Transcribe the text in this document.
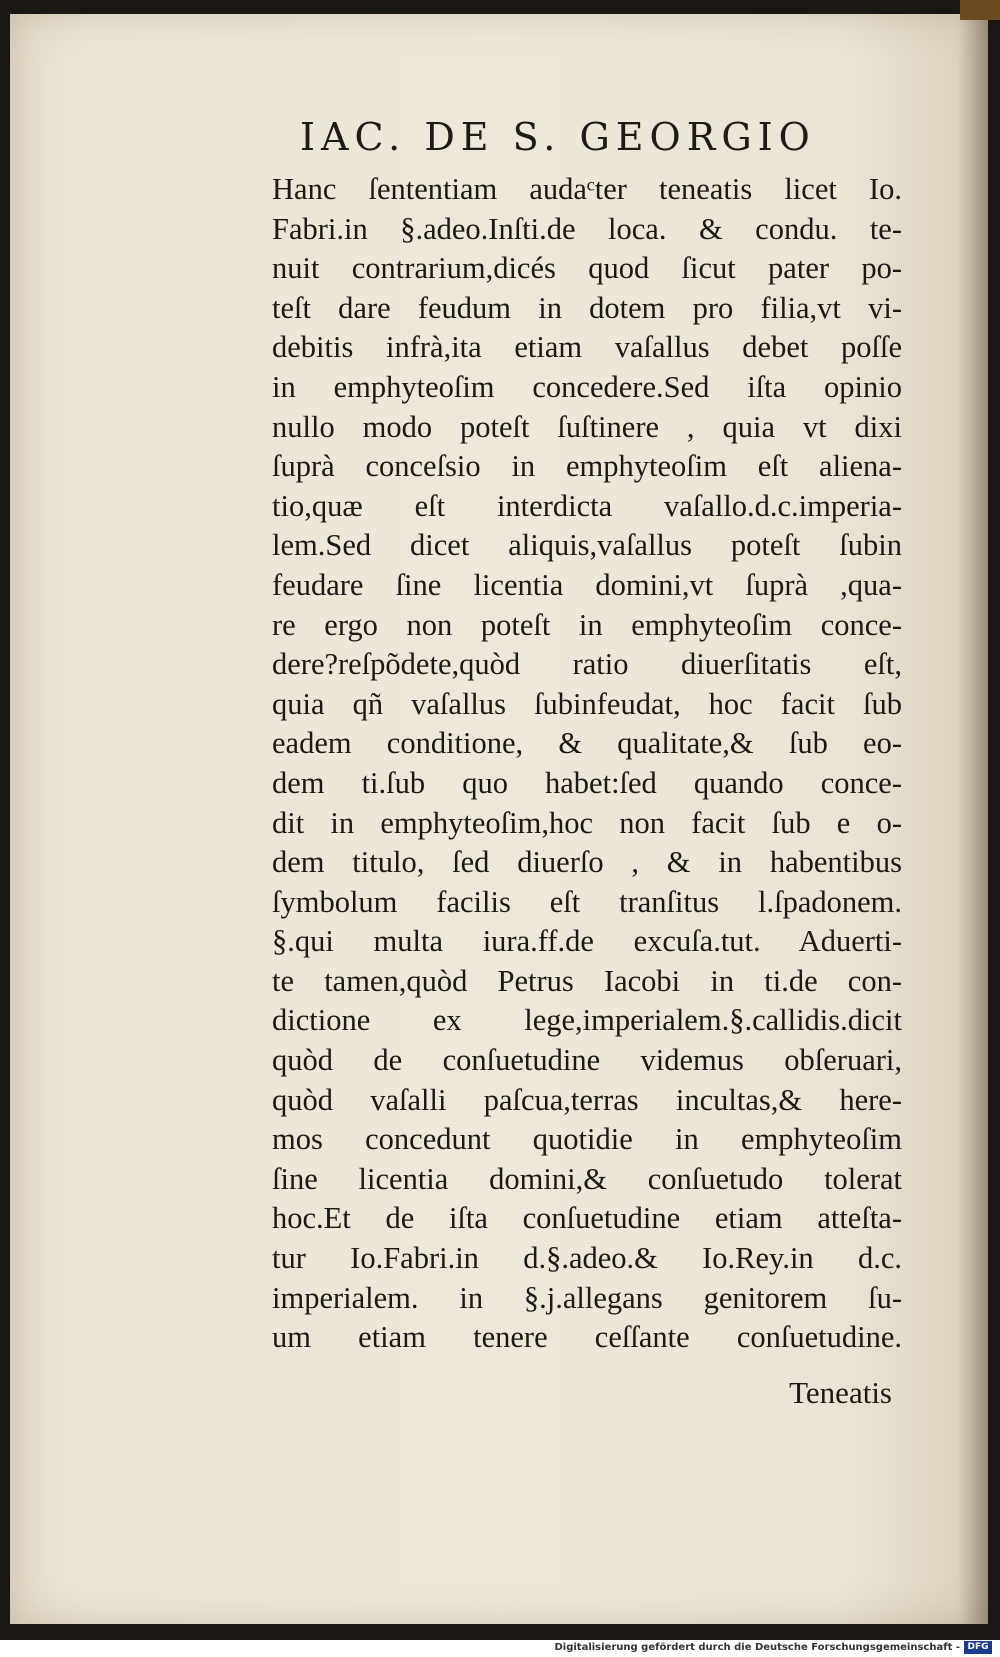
IAC. DE S. GEORGIO
Hanc ſententiam audaᶜter teneatis licet Io.
Fabri.in §.adeo.Inſti.de loca. & condu. te-
nuit contrarium,dicés quod ſicut pater po-
teſt dare feudum in dotem pro filia,vt vi-
debitis infrà,ita etiam vaſallus debet poſſe
in emphyteoſim concedere.Sed iſta opinio
nullo modo poteſt ſuſtinere , quia vt dixi
ſuprà conceſsio in emphyteoſim eſt aliena-
tio,quæ eſt interdicta vaſallo.d.c.imperia-
lem.Sed dicet aliquis,vaſallus poteſt ſubin
feudare ſine licentia domini,vt ſuprà ,qua-
re ergo non poteſt in emphyteoſim conce-
dere?reſpõdete,quòd ratio diuerſitatis eſt,
quia qñ vaſallus ſubinfeudat, hoc facit ſub
eadem conditione, & qualitate,& ſub eo-
dem ti.ſub quo habet:ſed quando conce-
dit in emphyteoſim,hoc non facit ſub e o-
dem titulo, ſed diuerſo , & in habentibus
ſymbolum facilis eſt tranſitus l.ſpadonem.
§.qui multa iura.ff.de excuſa.tut. Aduerti-
te tamen,quòd Petrus Iacobi in ti.de con-
dictione ex lege,imperialem.§.callidis.dicit
quòd de conſuetudine videmus obſeruari,
quòd vaſalli paſcua,terras incultas,& here-
mos concedunt quotidie in emphyteoſim
ſine licentia domini,& conſuetudo tolerat
hoc.Et de iſta conſuetudine etiam atteſta-
tur Io.Fabri.in d.§.adeo.& Io.Rey.in d.c.
imperialem. in §.j.allegans genitorem ſu-
um etiam tenere ceſſante conſuetudine.
Teneatis
Digitalisierung gefördert durch die Deutsche Forschungsgemeinschaft - DFG
